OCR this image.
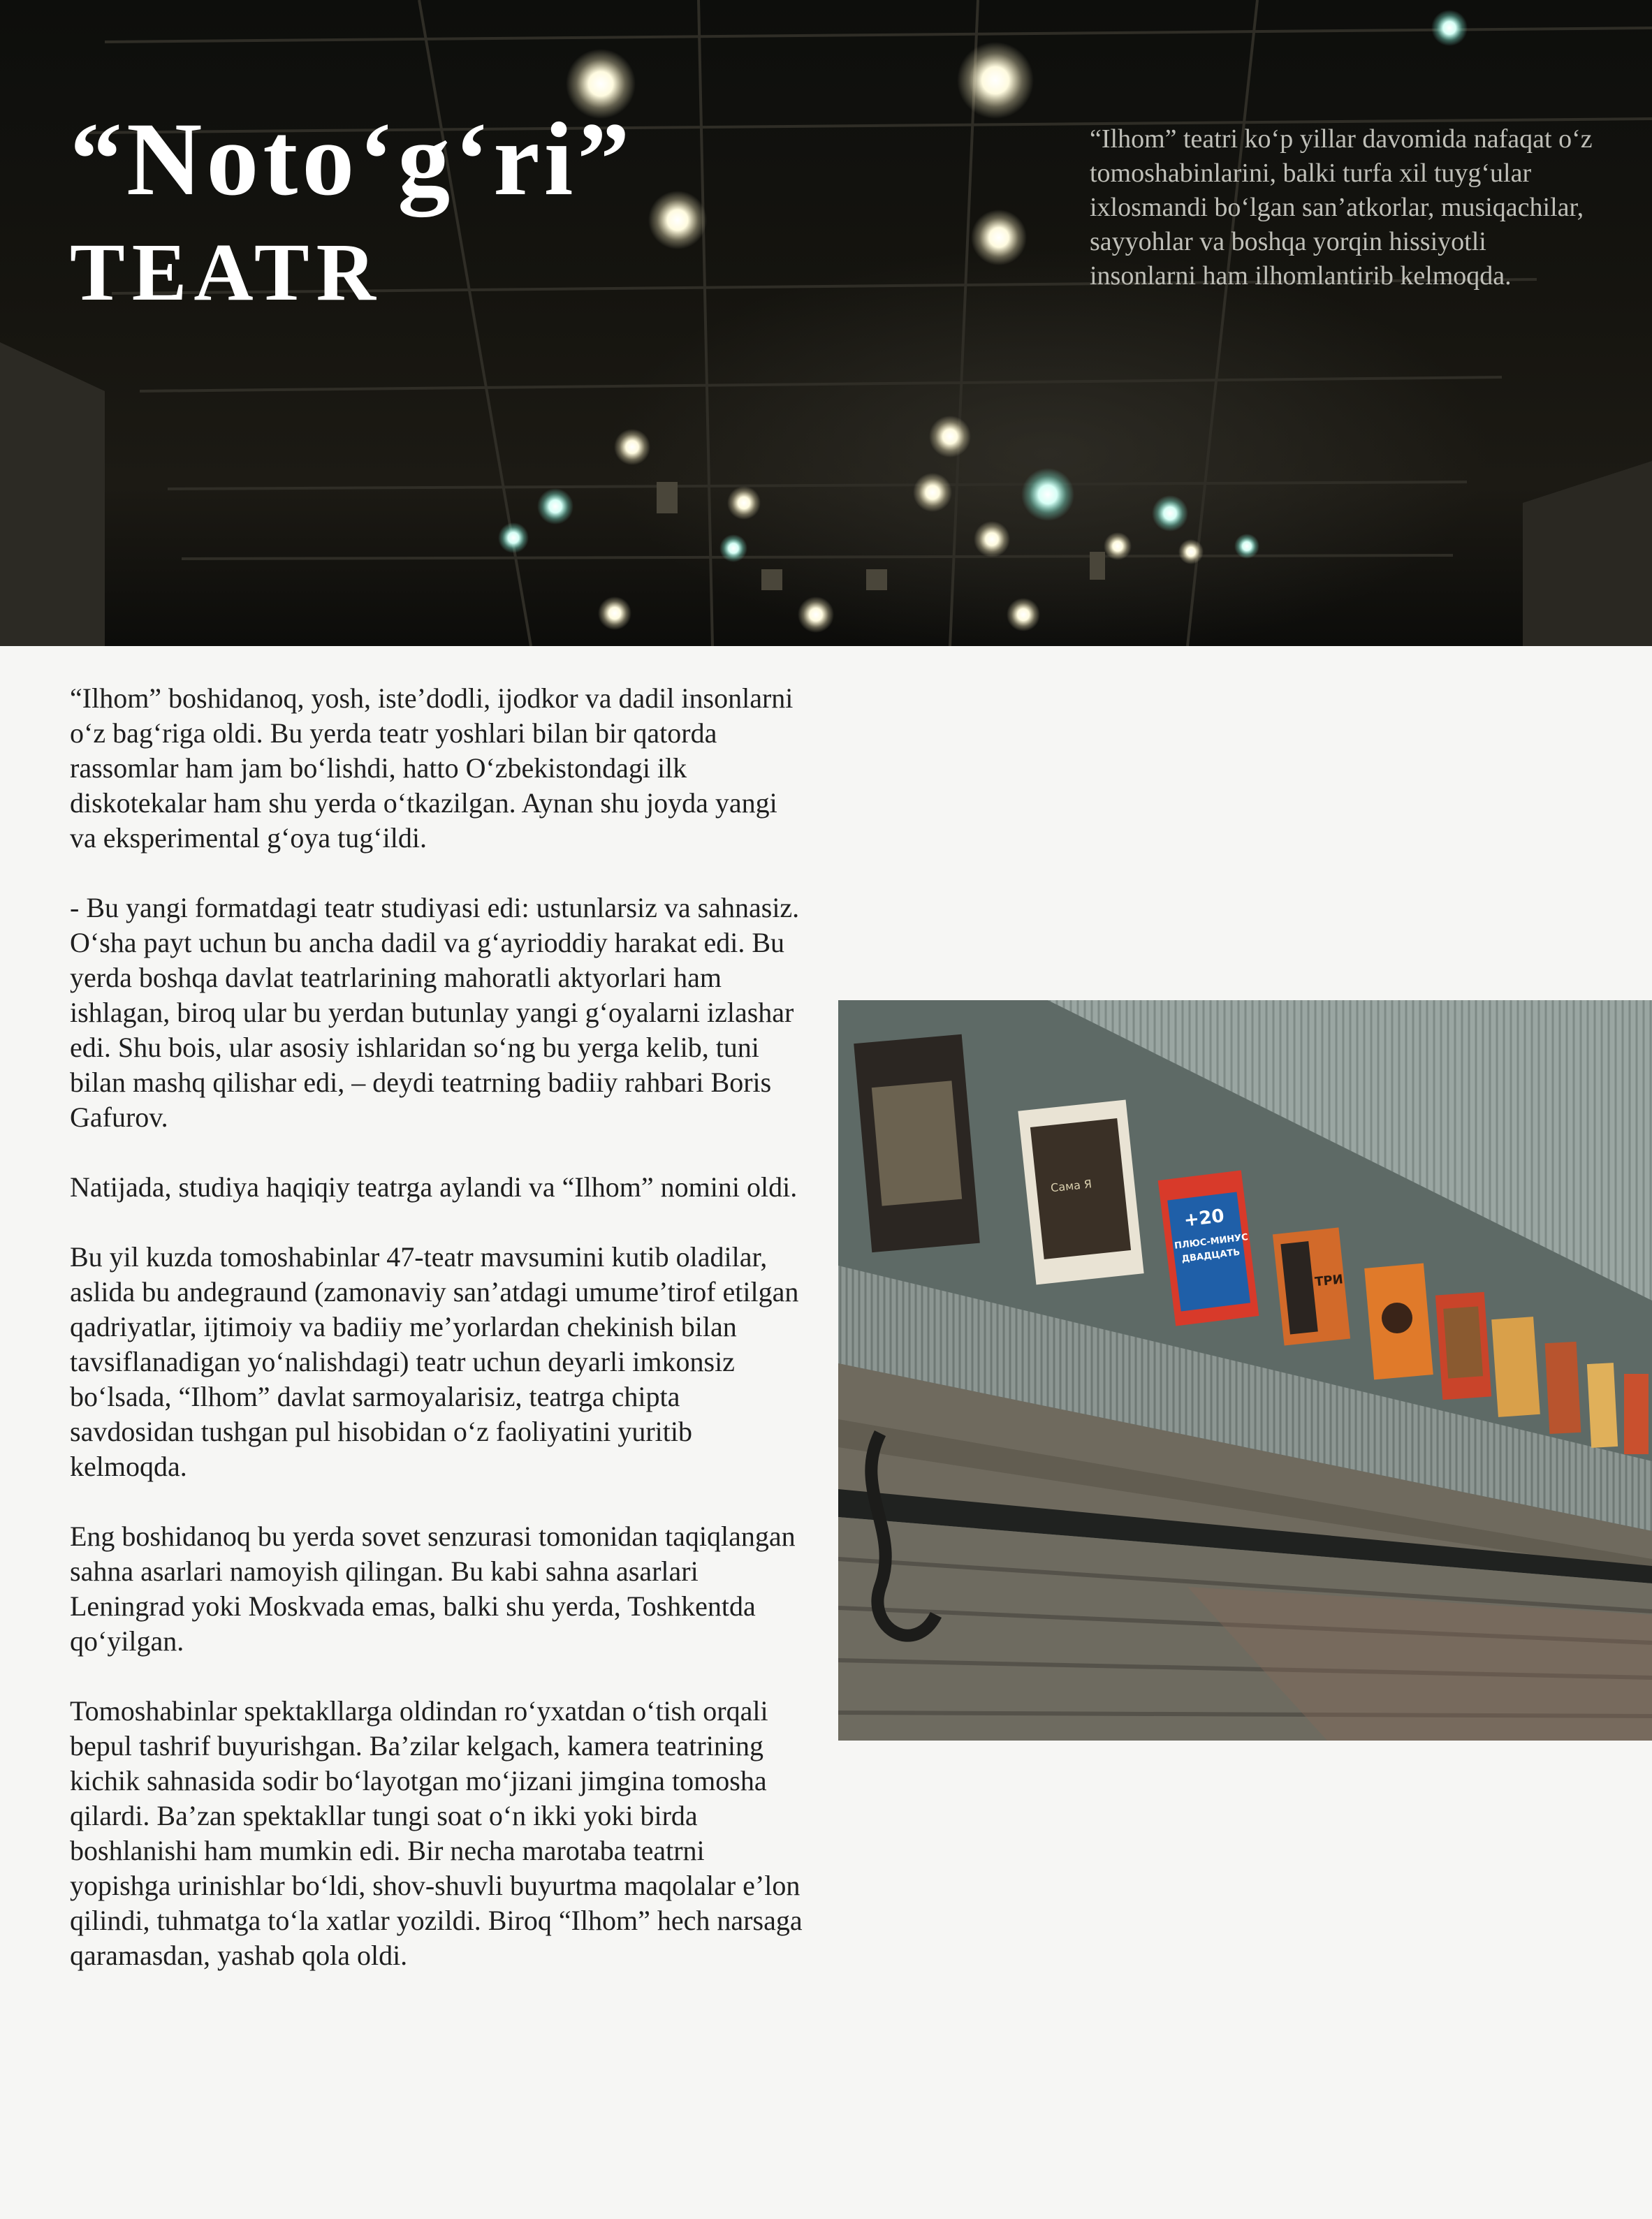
“Noto‘g‘ri”
TEATR

“Ilhom” teatri ko‘p yillar davomida nafaqat o‘z tomoshabinlarini, balki turfa xil tuyg‘ular ixlosmandi bo‘lgan san’atkorlar, musiqachilar, sayyohlar va boshqa yorqin hissiyotli insonlarni ham ilhomlantirib kelmoqda.

“Ilhom” boshidanoq, yosh, iste’dodli, ijodkor va dadil insonlarni o‘z bag‘riga oldi. Bu yerda teatr yoshlari bilan bir qatorda rassomlar ham jam bo‘lishdi, hatto O‘zbekistondagi ilk diskotekalar ham shu yerda o‘tkazilgan. Aynan shu joyda yangi va eksperimental g‘oya tug‘ildi.

- Bu yangi formatdagi teatr studiyasi edi: ustunlarsiz va sahnasiz. O‘sha payt uchun bu ancha dadil va g‘ayrioddiy harakat edi. Bu yerda boshqa davlat teatrlarining mahoratli aktyorlari ham ishlagan, biroq ular bu yerdan butunlay yangi g‘oyalarni izlashar edi. Shu bois, ular asosiy ishlaridan so‘ng bu yerga kelib, tuni bilan mashq qilishar edi, – deydi teatrning badiiy rahbari Boris Gafurov.

Natijada, studiya haqiqiy teatrga aylandi va “Ilhom” nomini oldi.

Bu yil kuzda tomoshabinlar 47-teatr mavsumini kutib oladilar, aslida bu andegraund (zamonaviy san’atdagi umume’tirof etilgan qadriyatlar, ijtimoiy va badiiy me’yorlardan chekinish bilan tavsiflanadigan yo‘nalishdagi) teatr uchun deyarli imkonsiz bo‘lsada, “Ilhom” davlat sarmoyalarisiz, teatrga chipta savdosidan tushgan pul hisobidan o‘z faoliyatini yuritib kelmoqda.

Eng boshidanoq bu yerda sovet senzurasi tomonidan taqiqlangan sahna asarlari namoyish qilingan. Bu kabi sahna asarlari Leningrad yoki Moskvada emas, balki shu yerda, Toshkentda qo‘yilgan.

Tomoshabinlar spektakllarga oldindan ro‘yxatdan o‘tish orqali bepul tashrif buyurishgan. Ba’zilar kelgach, kamera teatrining kichik sahnasida sodir bo‘layotgan mo‘jizani jimgina tomosha qilardi. Ba’zan spektakllar tungi soat o‘n ikki yoki birda boshlanishi ham mumkin edi. Bir necha marotaba teatrni yopishga urinishlar bo‘ldi, shov-shuvli buyurtma maqolalar e’lon qilindi, tuhmatga to‘la xatlar yozildi. Biroq “Ilhom” hech narsaga qaramasdan, yashab qola oldi.

Сама Я
+20
ПЛЮС-МИНУС
ДВАДЦАТЬ
ТРИ
